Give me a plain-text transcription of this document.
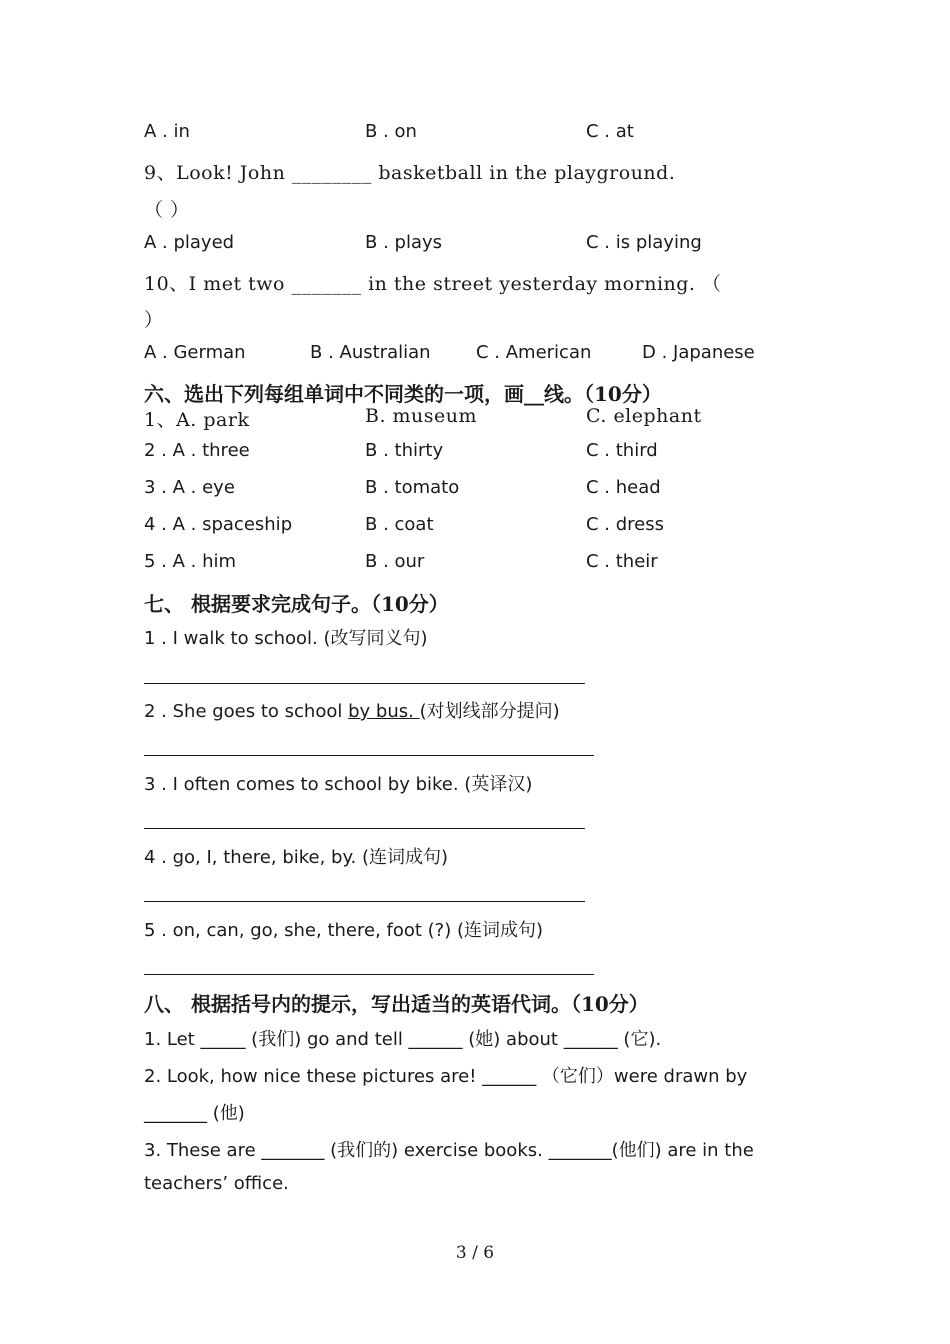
A . in	B . on	C . at
9、Look! John ________ basketball in the playground.
（ ）
A . played	B . plays	C . is playing
10、I met two _______ in the street yesterday morning. （
）
A . German	B . Australian	C . American	D . Japanese
六、选出下列每组单词中不同类的一项，画__线。（10分）
1、A. park	B. museum	C. elephant
2 . A . three	B . thirty	C . third
3 . A . eye	B . tomato	C . head
4 . A . spaceship	B . coat	C . dress
5 . A . him	B . our	C . their
七、 根据要求完成句子。（10分）
1 . I walk to school. (改写同义句)
2 . She goes to school by bus. (对划线部分提问)
3 . I often comes to school by bike. (英译汉)
4 . go, I, there, bike, by. (连词成句)
5 . on, can, go, she, there, foot (?) (连词成句)
八、 根据括号内的提示，写出适当的英语代词。（10分）
1. Let _____ (我们) go and tell ______ (她) about ______ (它).
2. Look, how nice these pictures are! ______ （它们）were drawn by
_______ (他)
3. These are _______ (我们的) exercise books. _______(他们) are in the
teachers’ office.
3 / 6
